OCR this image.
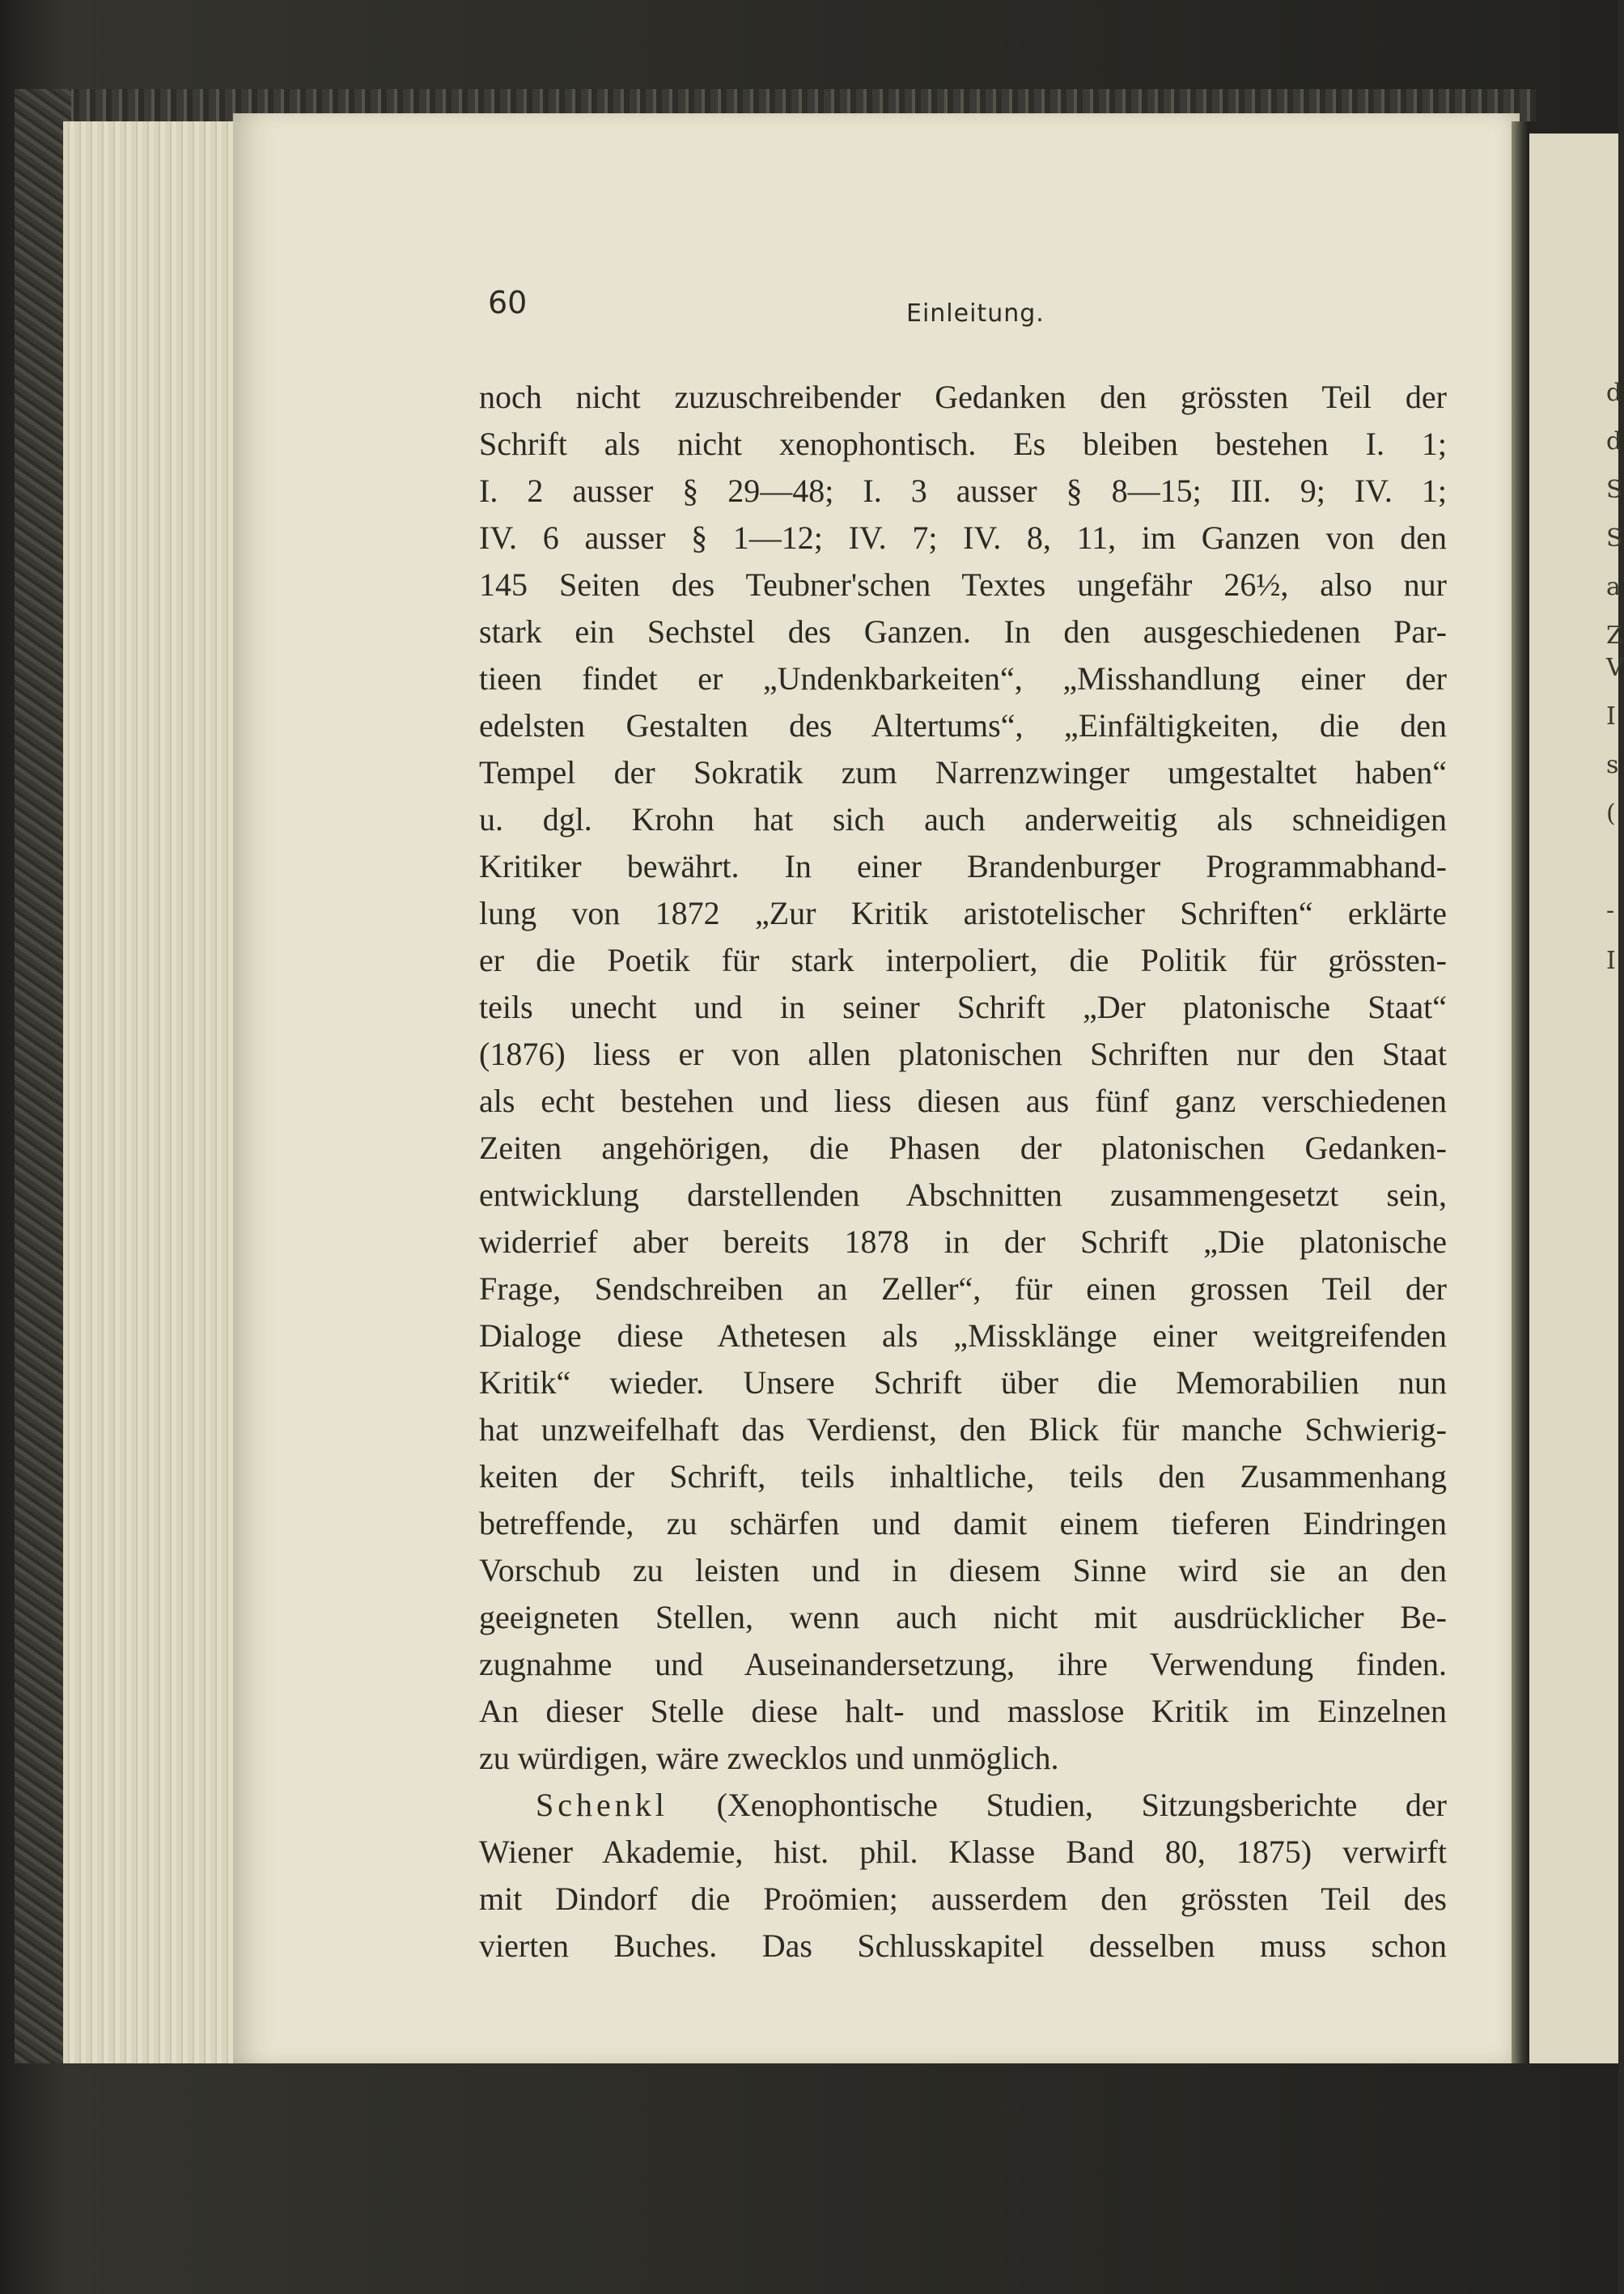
d
d
S
S
a
Z
V
I
s
(
-
I
60	Einleitung.
noch nicht zuzuschreibender Gedanken den grössten Teil der
Schrift als nicht xenophontisch. Es bleiben bestehen I. 1;
I. 2 ausser § 29—48; I. 3 ausser § 8—15; III. 9; IV. 1;
IV. 6 ausser § 1—12; IV. 7; IV. 8, 11, im Ganzen von den
145 Seiten des Teubner'schen Textes ungefähr 26½, also nur
stark ein Sechstel des Ganzen. In den ausgeschiedenen Par-
tieen findet er „Undenkbarkeiten“, „Misshandlung einer der
edelsten Gestalten des Altertums“, „Einfältigkeiten, die den
Tempel der Sokratik zum Narrenzwinger umgestaltet haben“
u. dgl. Krohn hat sich auch anderweitig als schneidigen
Kritiker bewährt. In einer Brandenburger Programmabhand-
lung von 1872 „Zur Kritik aristotelischer Schriften“ erklärte
er die Poetik für stark interpoliert, die Politik für grössten-
teils unecht und in seiner Schrift „Der platonische Staat“
(1876) liess er von allen platonischen Schriften nur den Staat
als echt bestehen und liess diesen aus fünf ganz verschiedenen
Zeiten angehörigen, die Phasen der platonischen Gedanken-
entwicklung darstellenden Abschnitten zusammengesetzt sein,
widerrief aber bereits 1878 in der Schrift „Die platonische
Frage, Sendschreiben an Zeller“, für einen grossen Teil der
Dialoge diese Athetesen als „Missklänge einer weitgreifenden
Kritik“ wieder. Unsere Schrift über die Memorabilien nun
hat unzweifelhaft das Verdienst, den Blick für manche Schwierig-
keiten der Schrift, teils inhaltliche, teils den Zusammenhang
betreffende, zu schärfen und damit einem tieferen Eindringen
Vorschub zu leisten und in diesem Sinne wird sie an den
geeigneten Stellen, wenn auch nicht mit ausdrücklicher Be-
zugnahme und Auseinandersetzung, ihre Verwendung finden.
An dieser Stelle diese halt- und masslose Kritik im Einzelnen
zu würdigen, wäre zwecklos und unmöglich.
Schenkl (Xenophontische Studien, Sitzungsberichte der
Wiener Akademie, hist. phil. Klasse Band 80, 1875) verwirft
mit Dindorf die Proömien; ausserdem den grössten Teil des
vierten Buches. Das Schlusskapitel desselben muss schon
